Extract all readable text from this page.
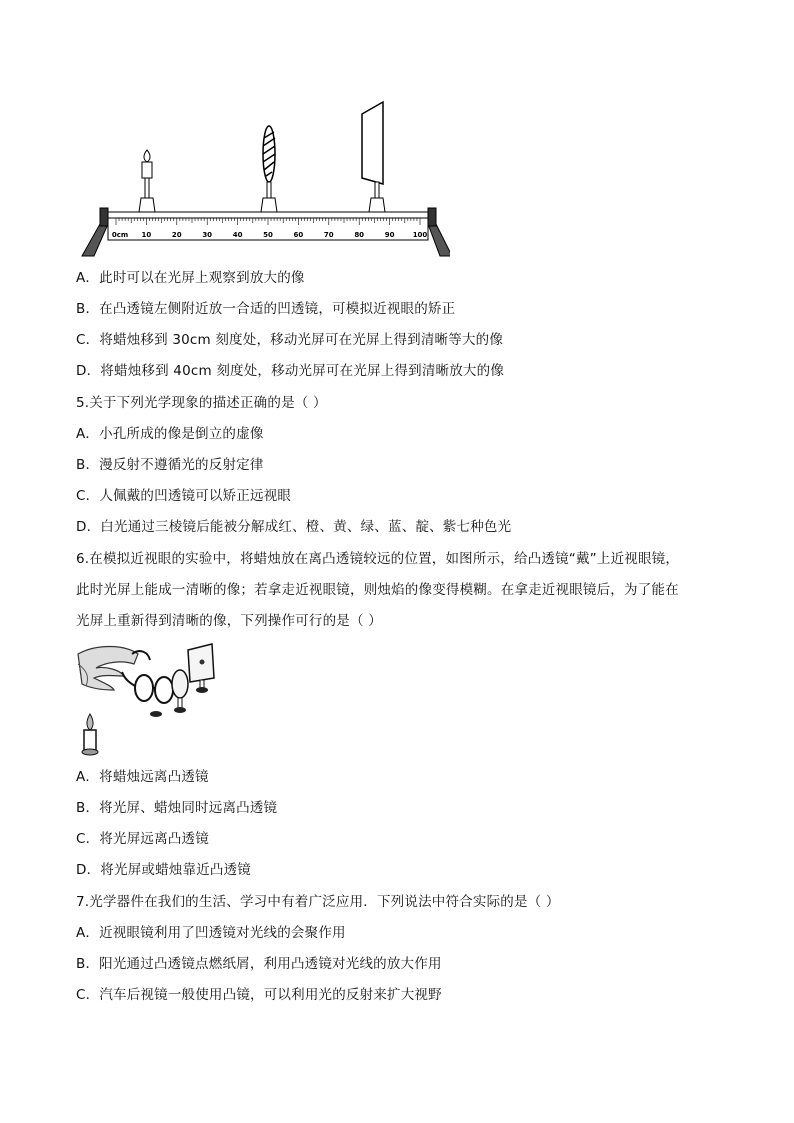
0cm 10	20	30	40	50	60	70	80	90	100
A．此时可以在光屏上观察到放大的像
B．在凸透镜左侧附近放一合适的凹透镜，可模拟近视眼的矫正
C．将蜡烛移到 30cm 刻度处，移动光屏可在光屏上得到清晰等大的像
D．将蜡烛移到 40cm 刻度处，移动光屏可在光屏上得到清晰放大的像
5.关于下列光学现象的描述正确的是（ ）
A．小孔所成的像是倒立的虚像
B．漫反射不遵循光的反射定律
C．人佩戴的凹透镜可以矫正远视眼
D．白光通过三棱镜后能被分解成红、橙、黄、绿、蓝、靛、紫七种色光
6.在模拟近视眼的实验中，将蜡烛放在离凸透镜较远的位置，如图所示，给凸透镜“戴”上近视眼镜，
此时光屏上能成一清晰的像；若拿走近视眼镜，则烛焰的像变得模糊。在拿走近视眼镜后，为了能在
光屏上重新得到清晰的像，下列操作可行的是（ ）
A．将蜡烛远离凸透镜
B．将光屏、蜡烛同时远离凸透镜
C．将光屏远离凸透镜
D．将光屏或蜡烛靠近凸透镜
7.光学器件在我们的生活、学习中有着广泛应用．下列说法中符合实际的是（ ）
A．近视眼镜利用了凹透镜对光线的会聚作用
B．阳光通过凸透镜点燃纸屑，利用凸透镜对光线的放大作用
C．汽车后视镜一般使用凸镜，可以利用光的反射来扩大视野
